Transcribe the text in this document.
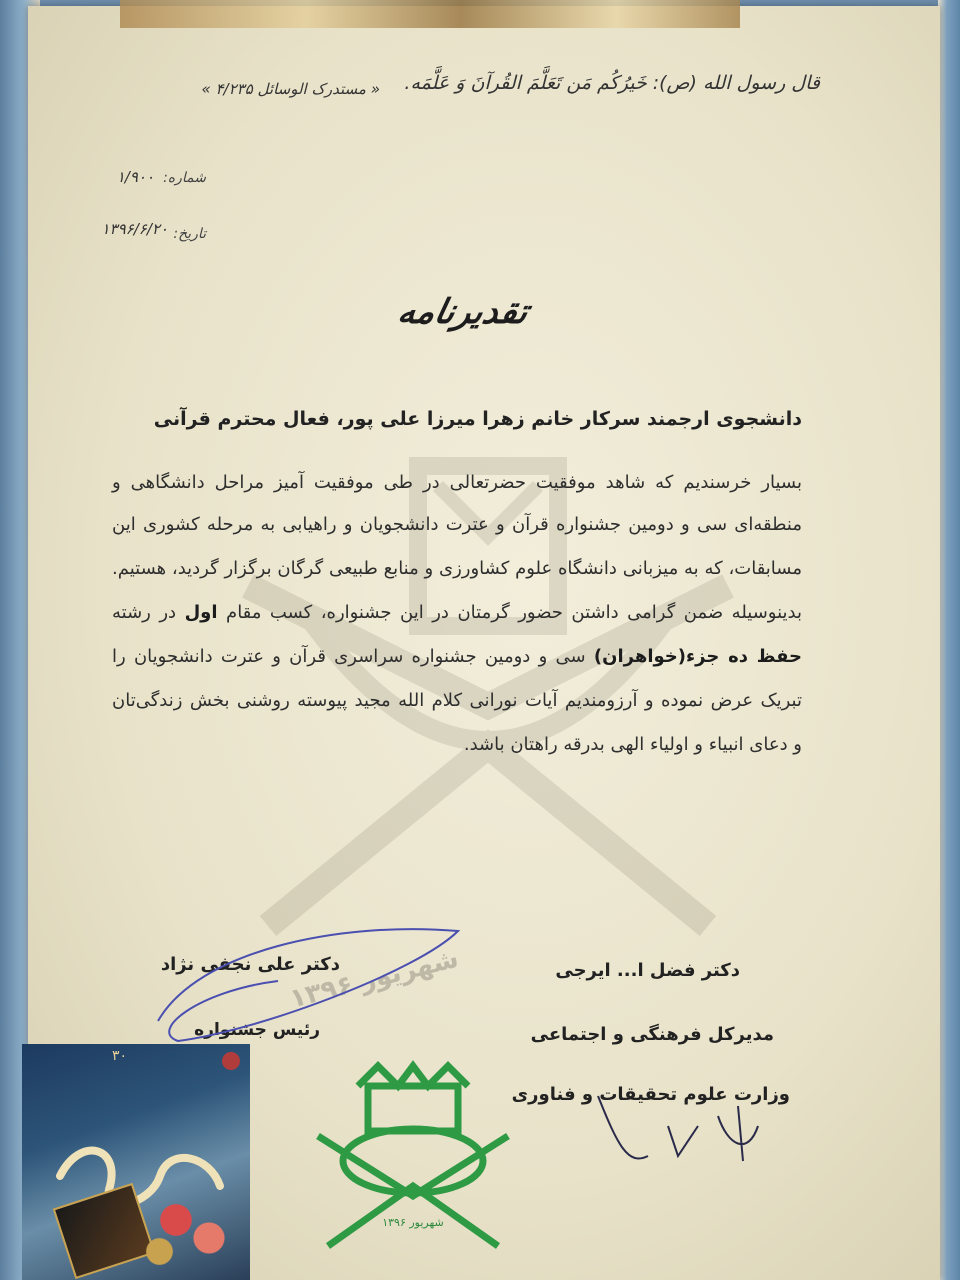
قال رسول الله (ص): خَیرُکُم مَن تَعَلَّمَ القُرآنَ وَ عَلَّمَه.
« مستدرک الوسائل ۴/۲۳۵ »
شماره:
۱/۹۰۰
تاریخ:
۱۳۹۶/۶/۲۰
تقدیرنامه
دانشجوی ارجمند سرکار خانم زهرا میرزا علی پور، فعال محترم قرآنی
بسیار خرسندیم که شاهد موفقیت حضرتعالی در طی موفقیت آمیز مراحل دانشگاهی و
منطقه‌ای سی و دومین جشنواره قرآن و عترت دانشجویان و راهیابی به مرحله کشوری این
مسابقات، که به میزبانی دانشگاه علوم کشاورزی و منابع طبیعی گرگان برگزار گردید، هستیم.
بدینوسیله ضمن گرامی داشتن حضور گرمتان در این جشنواره، کسب مقام اول در رشته
حفظ ده جزء(خواهران) سی و دومین جشنواره سراسری قرآن و عترت دانشجویان را
تبریک عرض نموده و آرزومندیم آیات نورانی کلام الله مجید پیوسته روشنی بخش زندگی‌تان
و دعای انبیاء و اولیاء الهی بدرقه راهتان باشد.
شهریور ۱۳۹۶
دکتر علی نجفی نژاد
رئیس جشنواره
دکتر فضل ا... ایرجی
مدیرکل فرهنگی و اجتماعی
وزارت علوم تحقیقات و فناوری
شهریور ۱۳۹۶
۳۰
